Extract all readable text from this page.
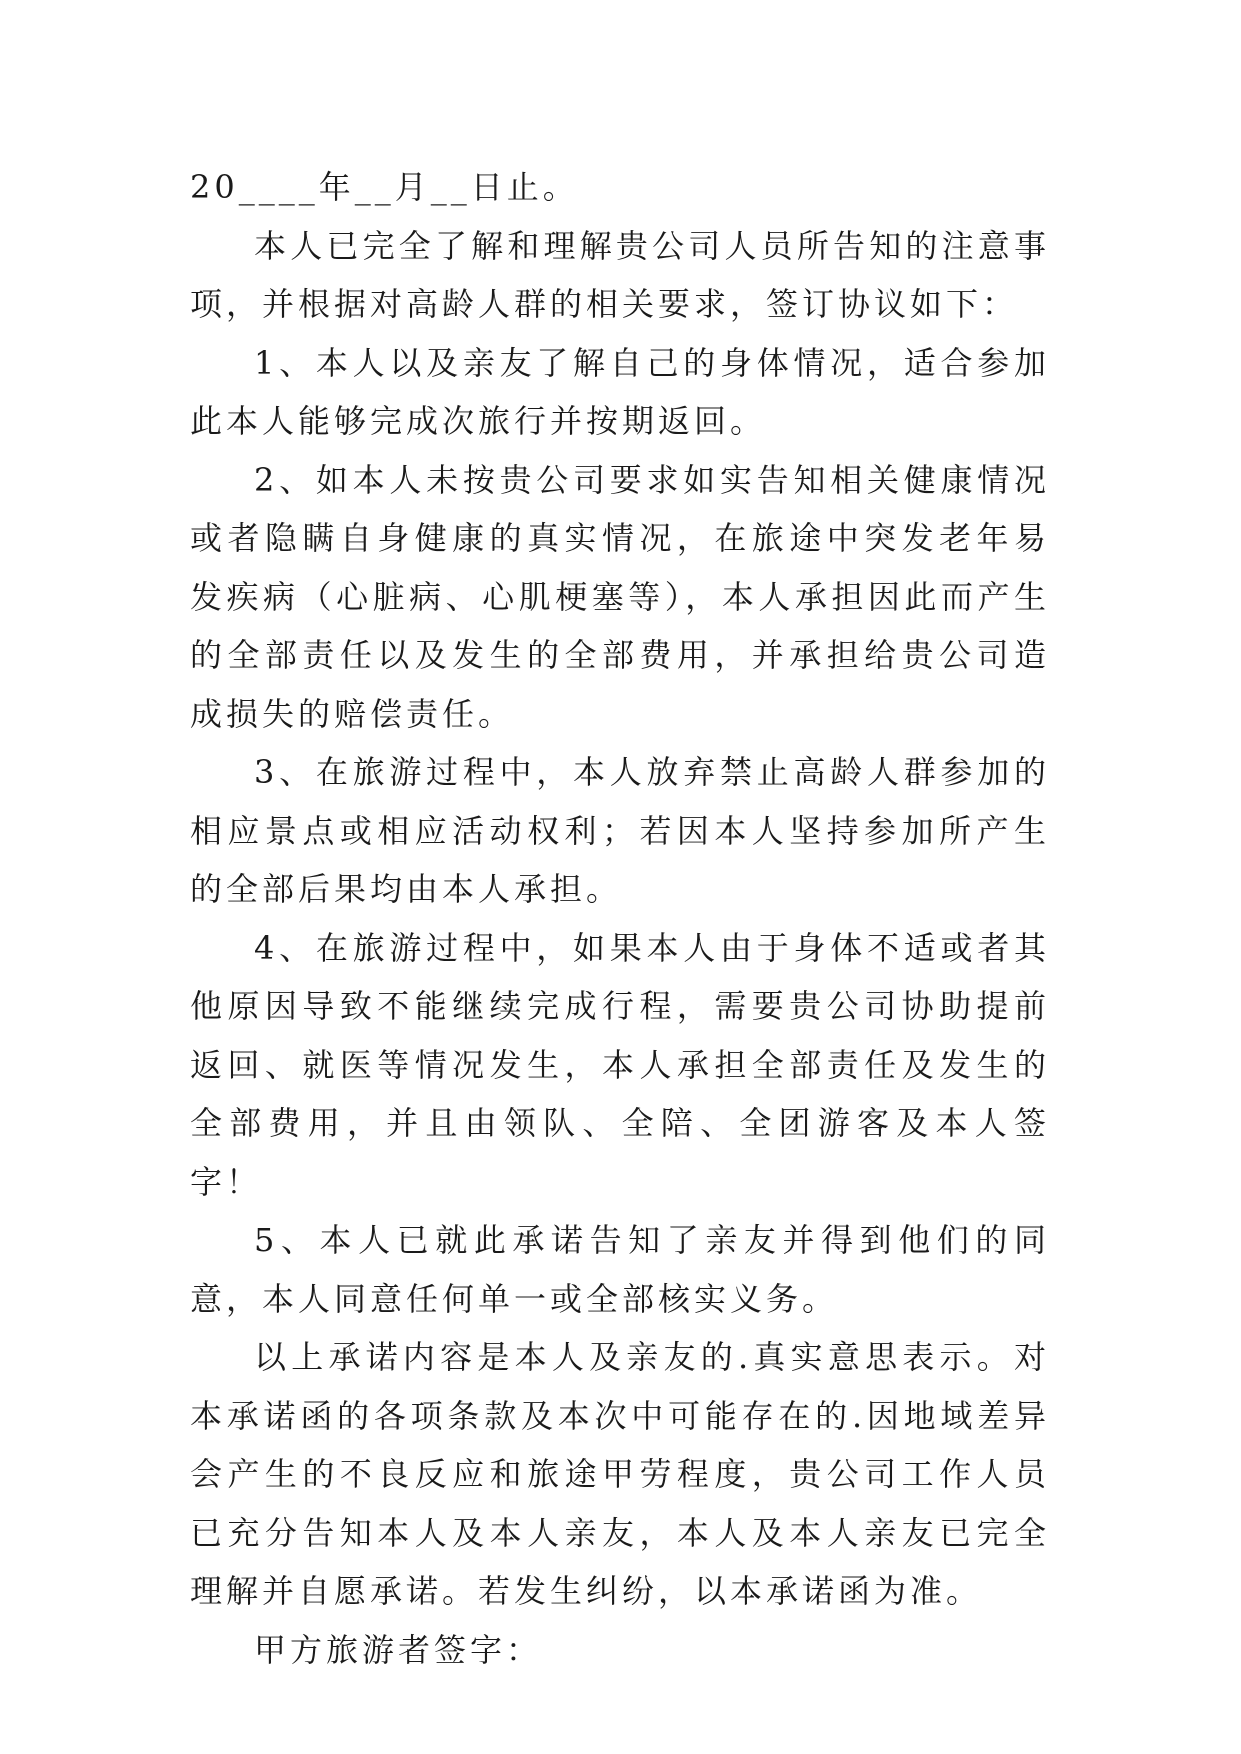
20____年__月__日止。

本人已完全了解和理解贵公司人员所告知的注意事项，并根据对高龄人群的相关要求，签订协议如下：

1、本人以及亲友了解自己的身体情况，适合参加此本人能够完成次旅行并按期返回。

2、如本人未按贵公司要求如实告知相关健康情况或者隐瞒自身健康的真实情况，在旅途中突发老年易发疾病（心脏病、心肌梗塞等），本人承担因此而产生的全部责任以及发生的全部费用，并承担给贵公司造成损失的赔偿责任。

3、在旅游过程中，本人放弃禁止高龄人群参加的相应景点或相应活动权利；若因本人坚持参加所产生的全部后果均由本人承担。

4、在旅游过程中，如果本人由于身体不适或者其他原因导致不能继续完成行程，需要贵公司协助提前返回、就医等情况发生，本人承担全部责任及发生的全部费用，并且由领队、全陪、全团游客及本人签字！

5、本人已就此承诺告知了亲友并得到他们的同意，本人同意任何单一或全部核实义务。

以上承诺内容是本人及亲友的.真实意思表示。对本承诺函的各项条款及本次中可能存在的.因地域差异会产生的不良反应和旅途甲劳程度，贵公司工作人员已充分告知本人及本人亲友，本人及本人亲友已完全理解并自愿承诺。若发生纠纷，以本承诺函为准。

甲方旅游者签字：
